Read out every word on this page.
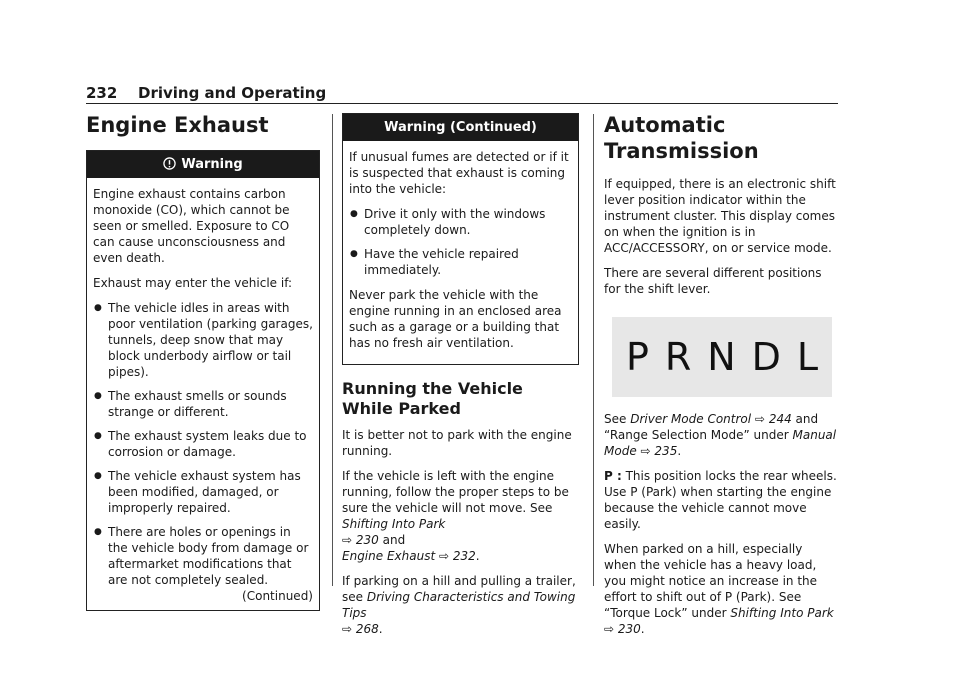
232 Driving and Operating
Engine Exhaust
Warning

Engine exhaust contains carbon monoxide (CO), which cannot be seen or smelled. Exposure to CO can cause unconsciousness and even death.

Exhaust may enter the vehicle if:

● The vehicle idles in areas with poor ventilation (parking garages, tunnels, deep snow that may block underbody airflow or tail pipes).
● The exhaust smells or sounds strange or different.
● The exhaust system leaks due to corrosion or damage.
● The vehicle exhaust system has been modified, damaged, or improperly repaired.
● There are holes or openings in the vehicle body from damage or aftermarket modifications that are not completely sealed.
(Continued)
Warning (Continued)

If unusual fumes are detected or if it is suspected that exhaust is coming into the vehicle:

● Drive it only with the windows completely down.
● Have the vehicle repaired immediately.

Never park the vehicle with the engine running in an enclosed area such as a garage or a building that has no fresh air ventilation.

Running the Vehicle While Parked

It is better not to park with the engine running.

If the vehicle is left with the engine running, follow the proper steps to be sure the vehicle will not move. See Shifting Into Park
⇨ 230 and
Engine Exhaust ⇨ 232.

If parking on a hill and pulling a trailer, see Driving Characteristics and Towing Tips
⇨ 268.

Automatic Transmission

If equipped, there is an electronic shift lever position indicator within the instrument cluster. This display comes on when the ignition is in ACC/ACCESSORY, on or service mode.

There are several different positions for the shift lever.

P R N D L

See Driver Mode Control ⇨ 244 and “Range Selection Mode” under Manual Mode ⇨ 235.

P : This position locks the rear wheels. Use P (Park) when starting the engine because the vehicle cannot move easily.

When parked on a hill, especially when the vehicle has a heavy load, you might notice an increase in the effort to shift out of P (Park). See “Torque Lock” under Shifting Into Park
⇨ 230.
